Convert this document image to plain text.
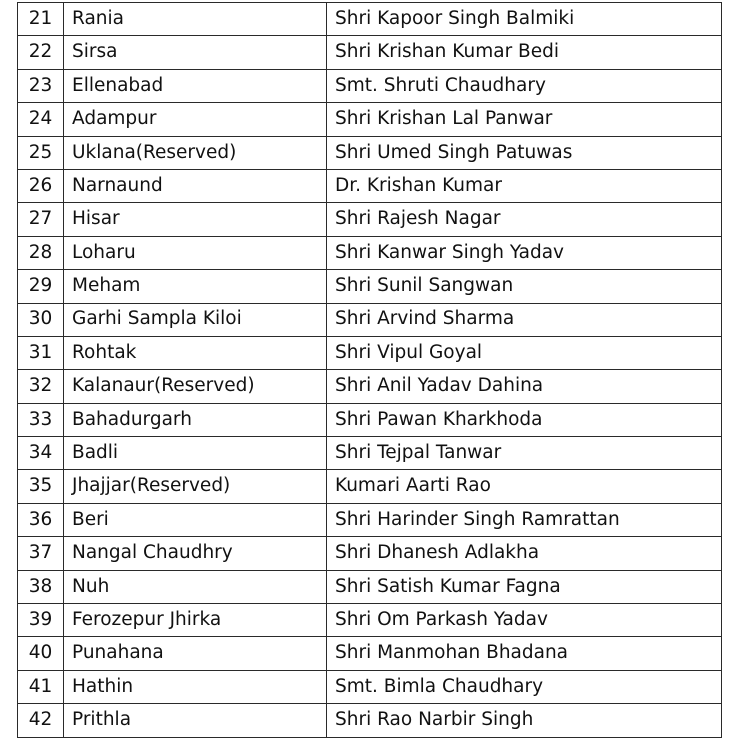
21	Rania	Shri Kapoor Singh Balmiki
22	Sirsa	Shri Krishan Kumar Bedi
23	Ellenabad	Smt. Shruti Chaudhary
24	Adampur	Shri Krishan Lal Panwar
25	Uklana(Reserved)	Shri Umed Singh Patuwas
26	Narnaund	Dr. Krishan Kumar
27	Hisar	Shri Rajesh Nagar
28	Loharu	Shri Kanwar Singh Yadav
29	Meham	Shri Sunil Sangwan
30	Garhi Sampla Kiloi	Shri Arvind Sharma
31	Rohtak	Shri Vipul Goyal
32	Kalanaur(Reserved)	Shri Anil Yadav Dahina
33	Bahadurgarh	Shri Pawan Kharkhoda
34	Badli	Shri Tejpal Tanwar
35	Jhajjar(Reserved)	Kumari Aarti Rao
36	Beri	Shri Harinder Singh Ramrattan
37	Nangal Chaudhry	Shri Dhanesh Adlakha
38	Nuh	Shri Satish Kumar Fagna
39	Ferozepur Jhirka	Shri Om Parkash Yadav
40	Punahana	Shri Manmohan Bhadana
41	Hathin	Smt. Bimla Chaudhary
42	Prithla	Shri Rao Narbir Singh
